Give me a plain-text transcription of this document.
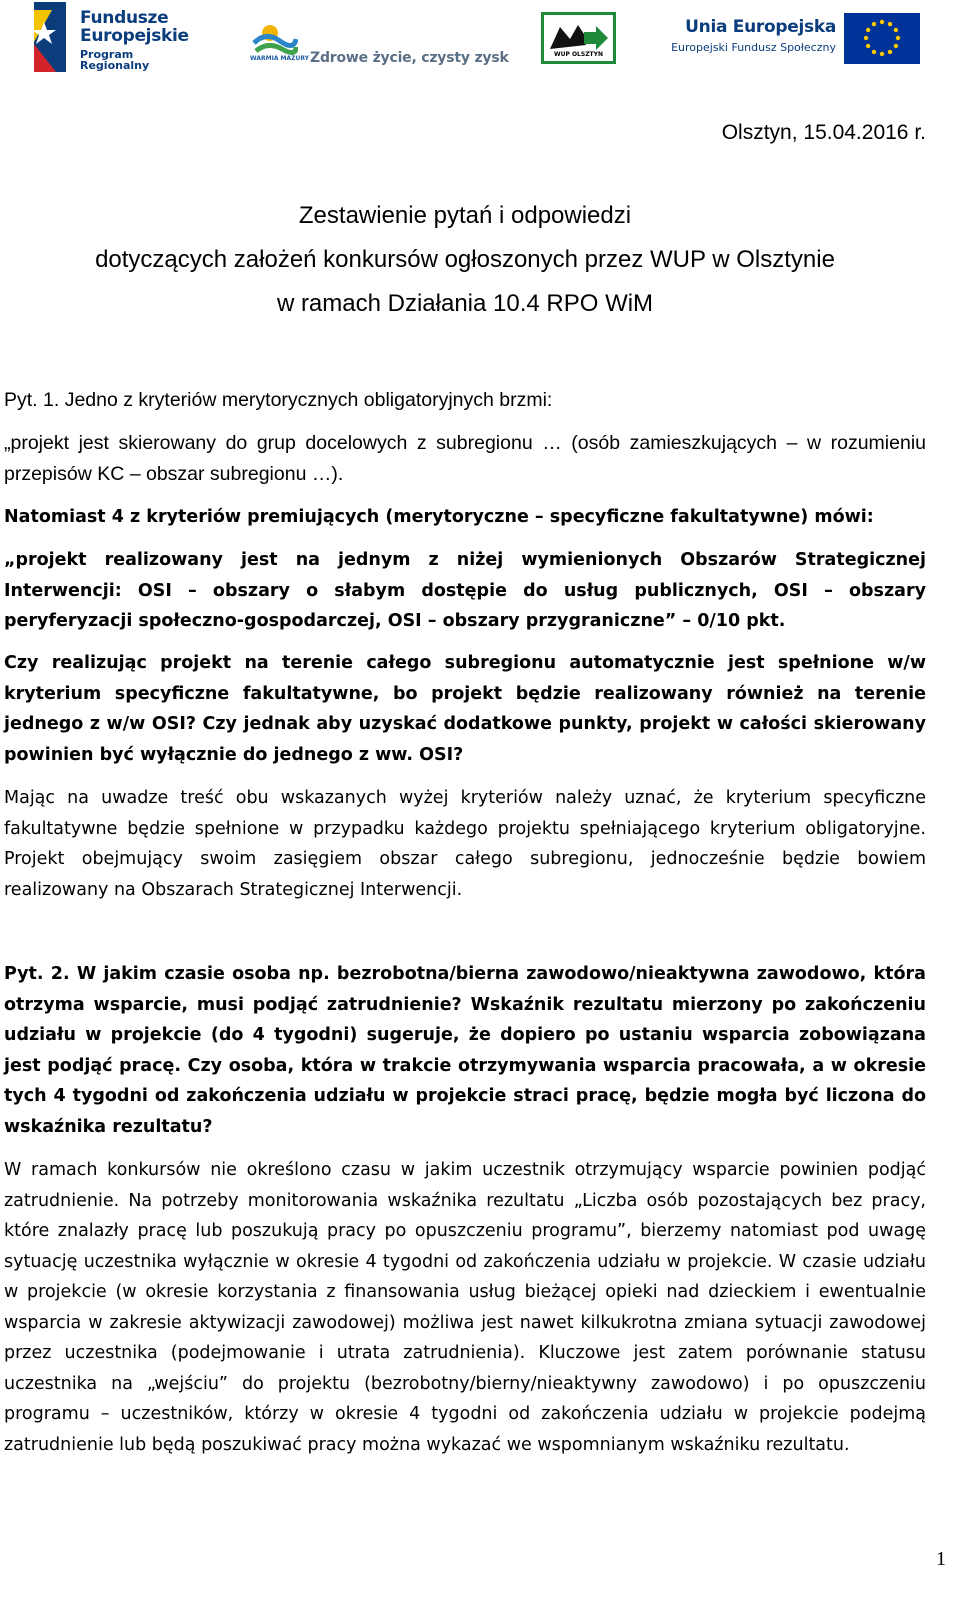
Fundusze
Europejskie
Program Regionalny
WARMIA MAZURY Zdrowe życie, czysty zysk	WUP OLSZTYN
Unia Europejska
Europejski Fundusz Społeczny
Olsztyn, 15.04.2016 r.
Zestawienie pytań i odpowiedzi
dotyczących założeń konkursów ogłoszonych przez WUP w Olsztynie
w ramach Działania 10.4 RPO WiM

Pyt. 1. Jedno z kryteriów merytorycznych obligatoryjnych brzmi:

„projekt jest skierowany do grup docelowych z subregionu … (osób zamieszkujących – w rozumieniu przepisów KC – obszar subregionu …).

Natomiast 4 z kryteriów premiujących (merytoryczne – specyficzne fakultatywne) mówi:

„projekt realizowany jest na jednym z niżej wymienionych Obszarów Strategicznej Interwencji: OSI – obszary o słabym dostępie do usług publicznych, OSI – obszary peryferyzacji społeczno-gospodarczej, OSI – obszary przygraniczne” – 0/10 pkt.

Czy realizując projekt na terenie całego subregionu automatycznie jest spełnione w/w kryterium specyficzne fakultatywne, bo projekt będzie realizowany również na terenie jednego z w/w OSI? Czy jednak aby uzyskać dodatkowe punkty, projekt w całości skierowany powinien być wyłącznie do jednego z ww. OSI?

Mając na uwadze treść obu wskazanych wyżej kryteriów należy uznać, że kryterium specyficzne fakultatywne będzie spełnione w przypadku każdego projektu spełniającego kryterium obligatoryjne. Projekt obejmujący swoim zasięgiem obszar całego subregionu, jednocześnie będzie bowiem realizowany na Obszarach Strategicznej Interwencji.

Pyt. 2. W jakim czasie osoba np. bezrobotna/bierna zawodowo/nieaktywna zawodowo, która otrzyma wsparcie, musi podjąć zatrudnienie? Wskaźnik rezultatu mierzony po zakończeniu udziału w projekcie (do 4 tygodni) sugeruje, że dopiero po ustaniu wsparcia zobowiązana jest podjąć pracę. Czy osoba, która w trakcie otrzymywania wsparcia pracowała, a w okresie tych 4 tygodni od zakończenia udziału w projekcie straci pracę, będzie mogła być liczona do wskaźnika rezultatu?

W ramach konkursów nie określono czasu w jakim uczestnik otrzymujący wsparcie powinien podjąć zatrudnienie. Na potrzeby monitorowania wskaźnika rezultatu „Liczba osób pozostających bez pracy, które znalazły pracę lub poszukują pracy po opuszczeniu programu”, bierzemy natomiast pod uwagę sytuację uczestnika wyłącznie w okresie 4 tygodni od zakończenia udziału w projekcie. W czasie udziału w projekcie (w okresie korzystania z finansowania usług bieżącej opieki nad dzieckiem i ewentualnie wsparcia w zakresie aktywizacji zawodowej) możliwa jest nawet kilkukrotna zmiana sytuacji zawodowej przez uczestnika (podejmowanie i utrata zatrudnienia). Kluczowe jest zatem porównanie statusu uczestnika na „wejściu” do projektu (bezrobotny/bierny/nieaktywny zawodowo) i po opuszczeniu programu – uczestników, którzy w okresie 4 tygodni od zakończenia udziału w projekcie podejmą zatrudnienie lub będą poszukiwać pracy można wykazać we wspomnianym wskaźniku rezultatu.

1
